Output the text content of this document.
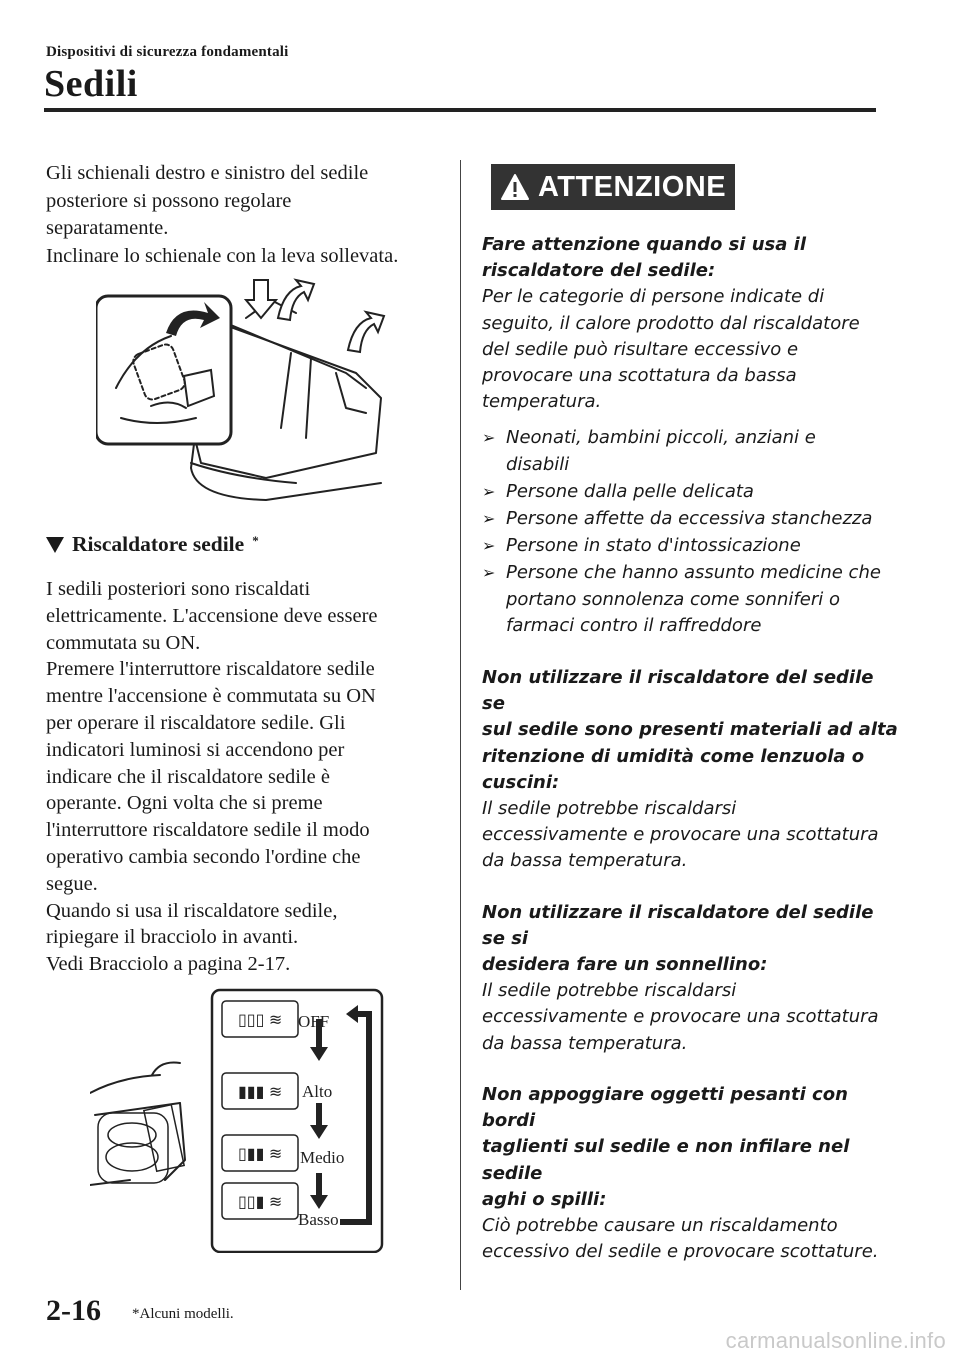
Dispositivi di sicurezza fondamentali
Sedili

Gli schienali destro e sinistro del sedile

posteriore si possono regolare

separatamente.

Inclinare lo schienale con la leva sollevata.

Riscaldatore sedile *

I sedili posteriori sono riscaldati

elettricamente. L'accensione deve essere

commutata su ON.

Premere l'interruttore riscaldatore sedile

mentre l'accensione è commutata su ON

per operare il riscaldatore sedile. Gli

indicatori luminosi si accendono per

indicare che il riscaldatore sedile è

operante. Ogni volta che si preme

l'interruttore riscaldatore sedile il modo

operativo cambia secondo l'ordine che

segue.

Quando si usa il riscaldatore sedile,

ripiegare il bracciolo in avanti.

Vedi Bracciolo a pagina 2-17.

▯▯▯ ≋
▮▮▮ ≋
▯▮▮ ≋
▯▯▮ ≋
OFF
Alto
Medio
Basso
2-16 *Alcuni modelli.
ATTENZIONE

Fare attenzione quando si usa il

riscaldatore del sedile:

Per le categorie di persone indicate di

seguito, il calore prodotto dal riscaldatore

del sedile può risultare eccessivo e

provocare una scottatura da bassa

temperatura.

➢ Neonati, bambini piccoli, anziani e
disabili
➢ Persone dalla pelle delicata
➢ Persone affette da eccessiva stanchezza
➢ Persone in stato d'intossicazione
➢ Persone che hanno assunto medicine che
portano sonnolenza come sonniferi o
farmaci contro il raffreddore

Non utilizzare il riscaldatore del sedile se

sul sedile sono presenti materiali ad alta

ritenzione di umidità come lenzuola o

cuscini:

Il sedile potrebbe riscaldarsi

eccessivamente e provocare una scottatura

da bassa temperatura.

Non utilizzare il riscaldatore del sedile se si

desidera fare un sonnellino:

Il sedile potrebbe riscaldarsi

eccessivamente e provocare una scottatura

da bassa temperatura.

Non appoggiare oggetti pesanti con bordi

taglienti sul sedile e non infilare nel sedile

aghi o spilli:

Ciò potrebbe causare un riscaldamento

eccessivo del sedile e provocare scottature.

carmanualsonline.info
